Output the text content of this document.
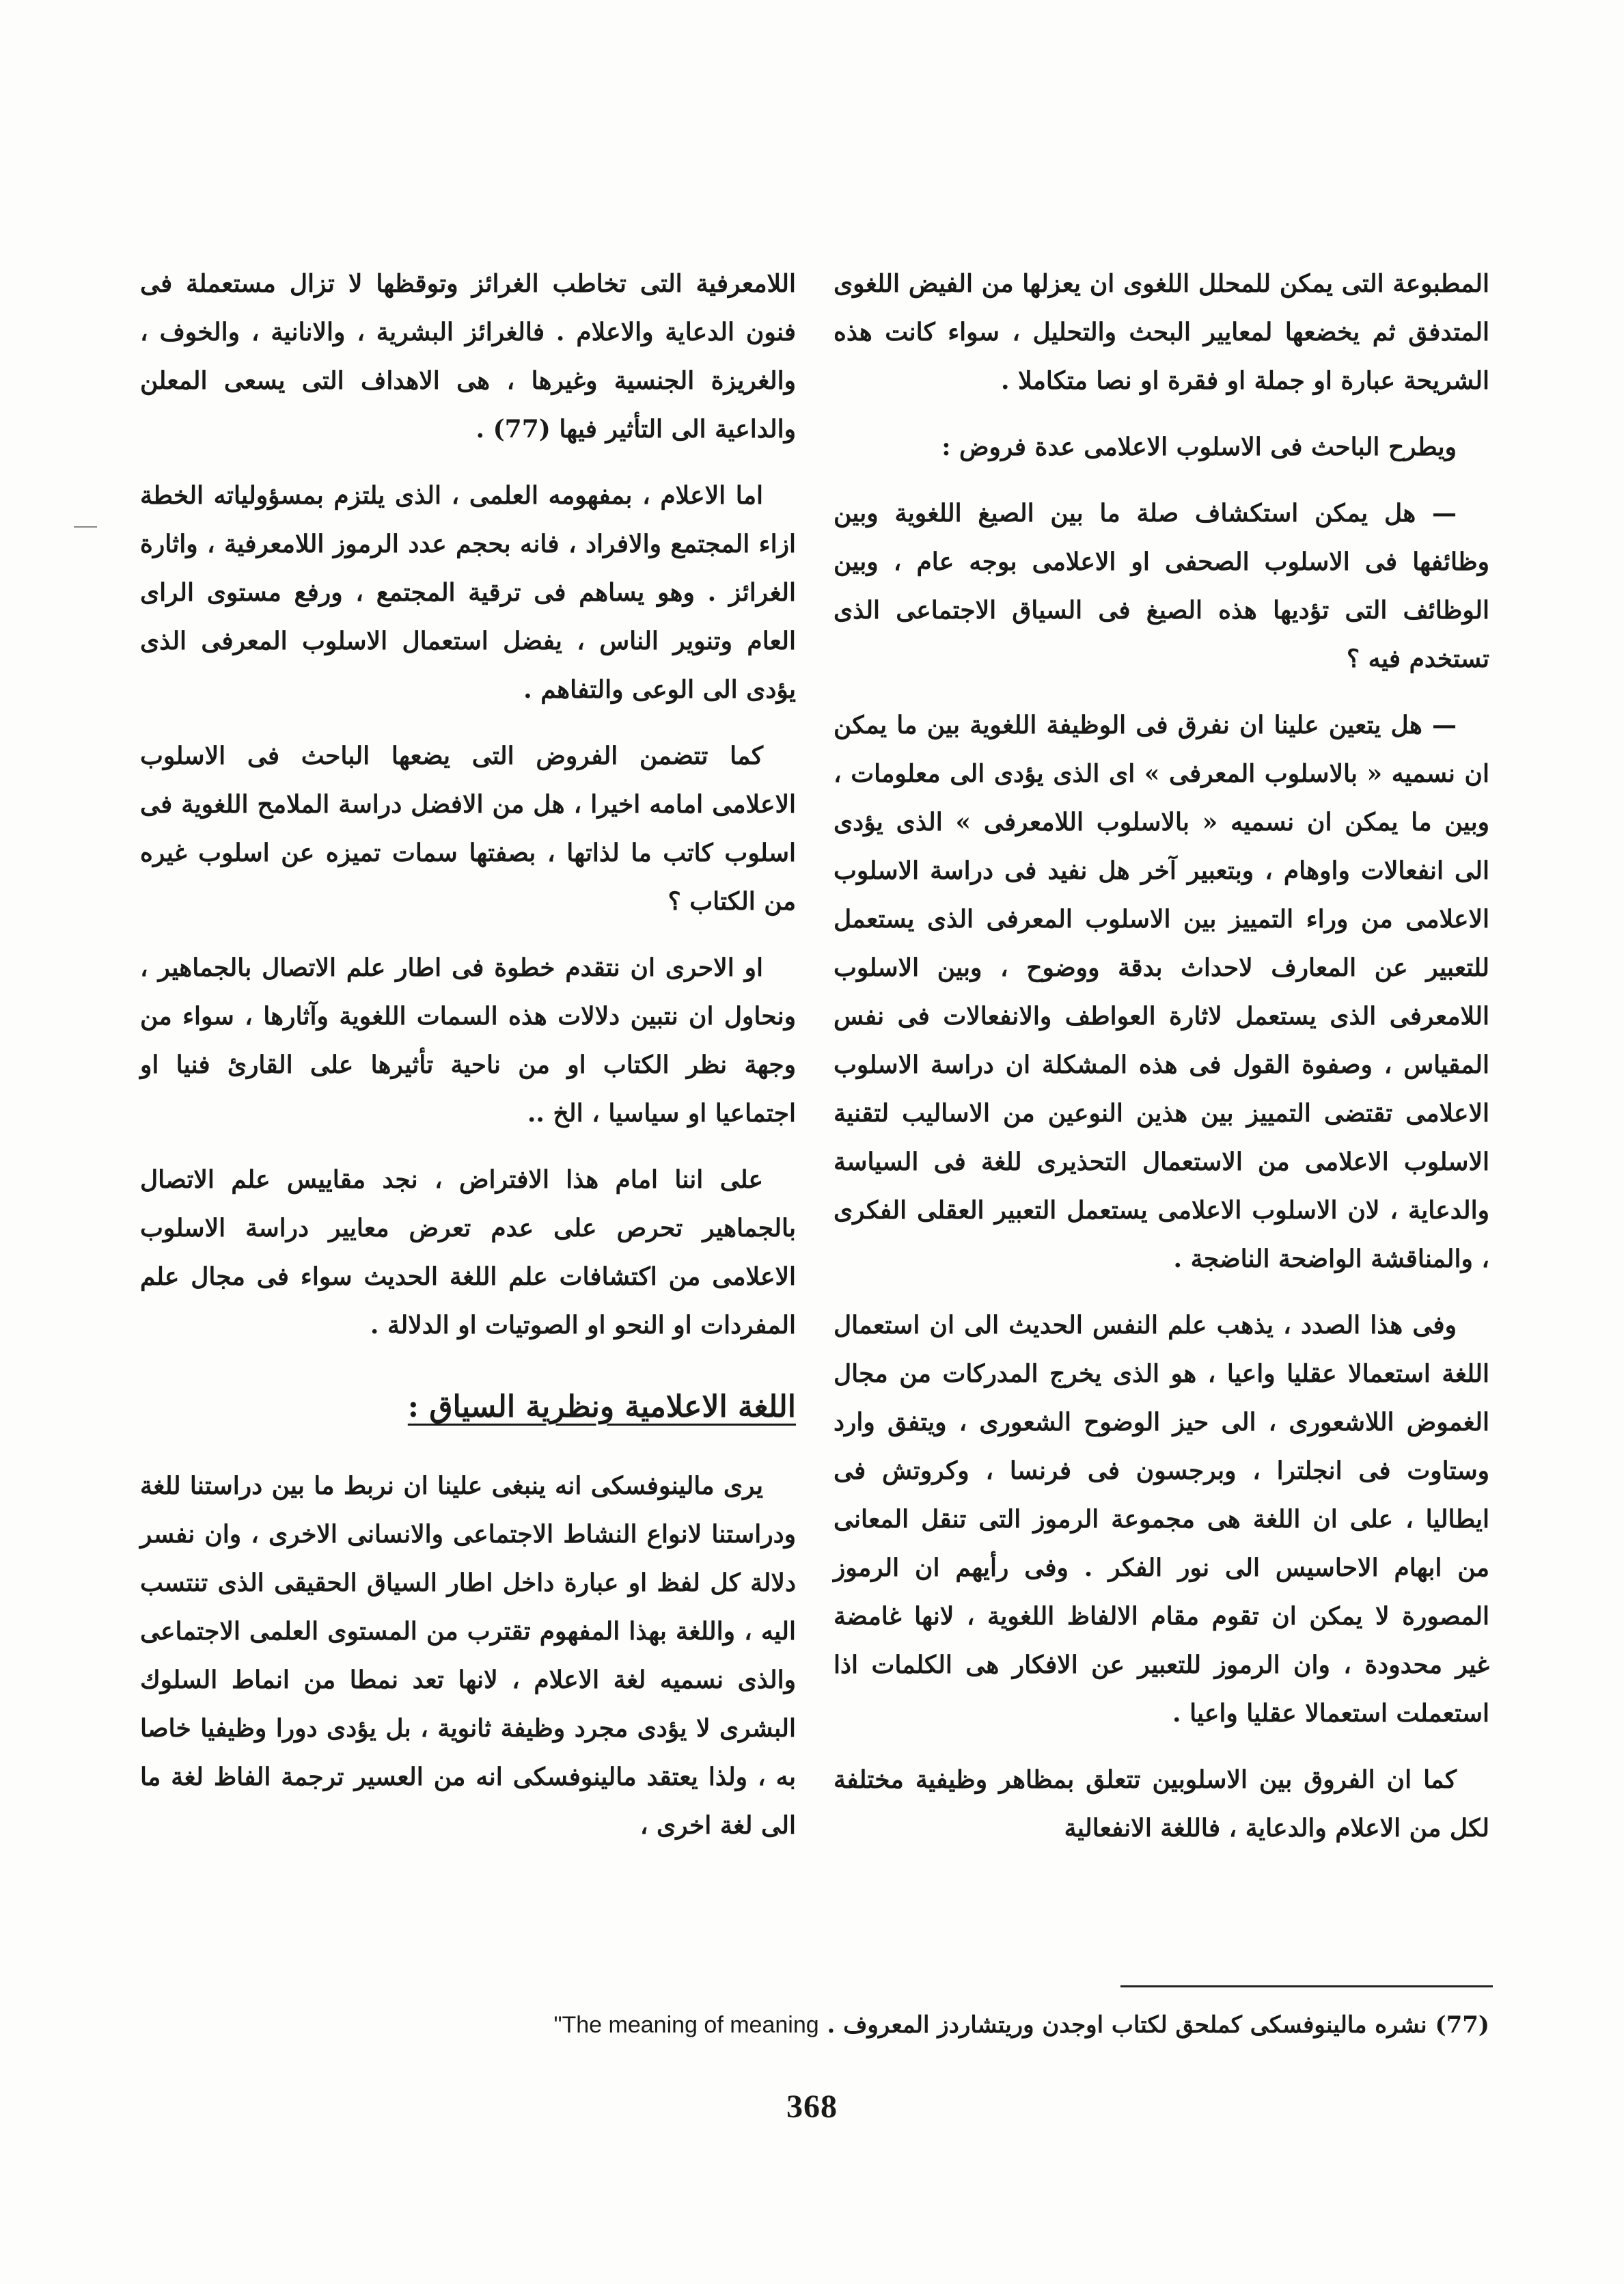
المطبوعة التى يمكن للمحلل اللغوى ان يعزلها من الفيض اللغوى المتدفق ثم يخضعها لمعايير البحث والتحليل ، سواء كانت هذه الشريحة عبارة او جملة او فقرة او نصا متكاملا .

ويطرح الباحث فى الاسلوب الاعلامى عدة فروض :

— هل يمكن استكشاف صلة ما بين الصيغ اللغوية وبين وظائفها فى الاسلوب الصحفى او الاعلامى بوجه عام ، وبين الوظائف التى تؤديها هذه الصيغ فى السياق الاجتماعى الذى تستخدم فيه ؟

— هل يتعين علينا ان نفرق فى الوظيفة اللغوية بين ما يمكن ان نسميه « بالاسلوب المعرفى » اى الذى يؤدى الى معلومات ، وبين ما يمكن ان نسميه « بالاسلوب اللامعرفى » الذى يؤدى الى انفعالات واوهام ، وبتعبير آخر هل نفيد فى دراسة الاسلوب الاعلامى من وراء التمييز بين الاسلوب المعرفى الذى يستعمل للتعبير عن المعارف لاحداث بدقة ووضوح ، وبين الاسلوب اللامعرفى الذى يستعمل لاثارة العواطف والانفعالات فى نفس المقياس ، وصفوة القول فى هذه المشكلة ان دراسة الاسلوب الاعلامى تقتضى التمييز بين هذين النوعين من الاساليب لتقنية الاسلوب الاعلامى من الاستعمال التحذيرى للغة فى السياسة والدعاية ، لان الاسلوب الاعلامى يستعمل التعبير العقلى الفكرى ، والمناقشة الواضحة الناضجة .

وفى هذا الصدد ، يذهب علم النفس الحديث الى ان استعمال اللغة استعمالا عقليا واعيا ، هو الذى يخرج المدركات من مجال الغموض اللاشعورى ، الى حيز الوضوح الشعورى ، ويتفق وارد وستاوت فى انجلترا ، وبرجسون فى فرنسا ، وكروتش فى ايطاليا ، على ان اللغة هى مجموعة الرموز التى تنقل المعانى من ابهام الاحاسيس الى نور الفكر . وفى رأيهم ان الرموز المصورة لا يمكن ان تقوم مقام الالفاظ اللغوية ، لانها غامضة غير محدودة ، وان الرموز للتعبير عن الافكار هى الكلمات اذا استعملت استعمالا عقليا واعيا .

كما ان الفروق بين الاسلوبين تتعلق بمظاهر وظيفية مختلفة لكل من الاعلام والدعاية ، فاللغة الانفعالية

اللامعرفية التى تخاطب الغرائز وتوقظها لا تزال مستعملة فى فنون الدعاية والاعلام . فالغرائز البشرية ، والانانية ، والخوف ، والغريزة الجنسية وغيرها ، هى الاهداف التى يسعى المعلن والداعية الى التأثير فيها (77) .

اما الاعلام ، بمفهومه العلمى ، الذى يلتزم بمسؤولياته الخطة ازاء المجتمع والافراد ، فانه بحجم عدد الرموز اللامعرفية ، واثارة الغرائز . وهو يساهم فى ترقية المجتمع ، ورفع مستوى الراى العام وتنوير الناس ، يفضل استعمال الاسلوب المعرفى الذى يؤدى الى الوعى والتفاهم .

كما تتضمن الفروض التى يضعها الباحث فى الاسلوب الاعلامى امامه اخيرا ، هل من الافضل دراسة الملامح اللغوية فى اسلوب كاتب ما لذاتها ، بصفتها سمات تميزه عن اسلوب غيره من الكتاب ؟

او الاحرى ان نتقدم خطوة فى اطار علم الاتصال بالجماهير ، ونحاول ان نتبين دلالات هذه السمات اللغوية وآثارها ، سواء من وجهة نظر الكتاب او من ناحية تأثيرها على القارئ فنيا او اجتماعيا او سياسيا ، الخ ..

على اننا امام هذا الافتراض ، نجد مقاييس علم الاتصال بالجماهير تحرص على عدم تعرض معايير دراسة الاسلوب الاعلامى من اكتشافات علم اللغة الحديث سواء فى مجال علم المفردات او النحو او الصوتيات او الدلالة .

اللغة الاعلامية ونظرية السياق :

يرى مالينوفسكى انه ينبغى علينا ان نربط ما بين دراستنا للغة ودراستنا لانواع النشاط الاجتماعى والانسانى الاخرى ، وان نفسر دلالة كل لفظ او عبارة داخل اطار السياق الحقيقى الذى تنتسب اليه ، واللغة بهذا المفهوم تقترب من المستوى العلمى الاجتماعى والذى نسميه لغة الاعلام ، لانها تعد نمطا من انماط السلوك البشرى لا يؤدى مجرد وظيفة ثانوية ، بل يؤدى دورا وظيفيا خاصا به ، ولذا يعتقد مالينوفسكى انه من العسير ترجمة الفاظ لغة ما الى لغة اخرى ،

(77) نشره مالينوفسكى كملحق لكتاب اوجدن وريتشاردز المعروف . "The meaning of meaning
368
